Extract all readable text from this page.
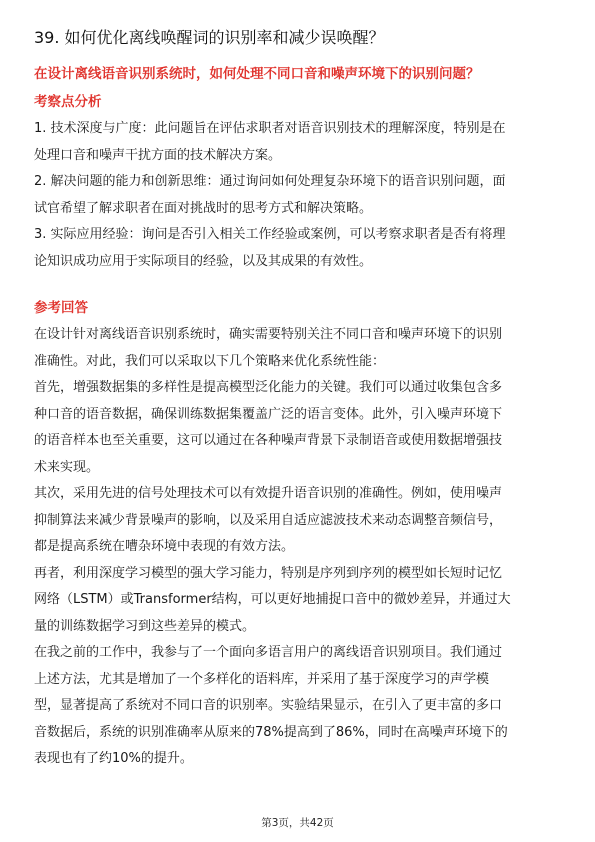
39. 如何优化离线唤醒词的识别率和减少误唤醒？
在设计离线语音识别系统时，如何处理不同口音和噪声环境下的识别问题？
考察点分析
1. 技术深度与广度：此问题旨在评估求职者对语音识别技术的理解深度，特别是在
处理口音和噪声干扰方面的技术解决方案。
2. 解决问题的能力和创新思维：通过询问如何处理复杂环境下的语音识别问题，面
试官希望了解求职者在面对挑战时的思考方式和解决策略。
3. 实际应用经验：询问是否引入相关工作经验或案例，可以考察求职者是否有将理
论知识成功应用于实际项目的经验，以及其成果的有效性。
参考回答
在设计针对离线语音识别系统时，确实需要特别关注不同口音和噪声环境下的识别
准确性。对此，我们可以采取以下几个策略来优化系统性能：
首先，增强数据集的多样性是提高模型泛化能力的关键。我们可以通过收集包含多
种口音的语音数据，确保训练数据集覆盖广泛的语言变体。此外，引入噪声环境下
的语音样本也至关重要，这可以通过在各种噪声背景下录制语音或使用数据增强技
术来实现。
其次，采用先进的信号处理技术可以有效提升语音识别的准确性。例如，使用噪声
抑制算法来减少背景噪声的影响，以及采用自适应滤波技术来动态调整音频信号，
都是提高系统在嘈杂环境中表现的有效方法。
再者，利用深度学习模型的强大学习能力，特别是序列到序列的模型如长短时记忆
网络（LSTM）或Transformer结构，可以更好地捕捉口音中的微妙差异，并通过大
量的训练数据学习到这些差异的模式。
在我之前的工作中，我参与了一个面向多语言用户的离线语音识别项目。我们通过
上述方法，尤其是增加了一个多样化的语料库，并采用了基于深度学习的声学模
型，显著提高了系统对不同口音的识别率。实验结果显示，在引入了更丰富的多口
音数据后，系统的识别准确率从原来的78%提高到了86%，同时在高噪声环境下的
表现也有了约10%的提升。
第3页，共42页
